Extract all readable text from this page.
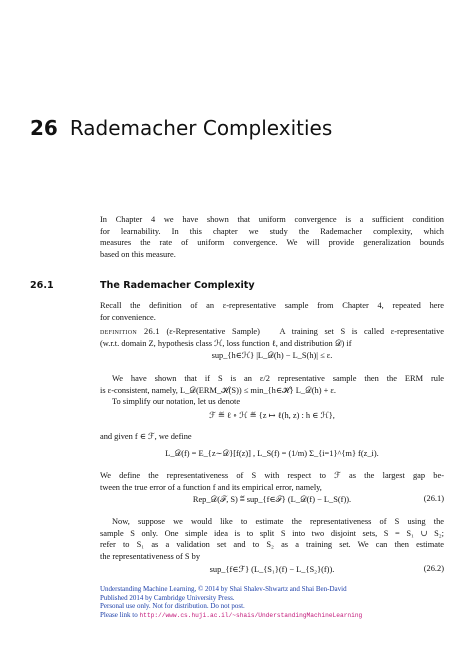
26 Rademacher Complexities
In Chapter 4 we have shown that uniform convergence is a sufficient condition
for learnability. In this chapter we study the Rademacher complexity, which
measures the rate of uniform convergence. We will provide generalization bounds
based on this measure.
26.1	The Rademacher Complexity
Recall the definition of an ε-representative sample from Chapter 4, repeated here
for convenience.
definition 26.1 (ε-Representative Sample) A training set S is called ε-representative
(w.r.t. domain Z, hypothesis class ℋ, loss function ℓ, and distribution 𝒟) if
sup_{h∈ℋ} |L_𝒟(h) − L_S(h)| ≤ ε.
We have shown that if S is an ε/2 representative sample then the ERM rule
is ε-consistent, namely, L_𝒟(ERM_ℋ(S)) ≤ min_{h∈ℋ} L_𝒟(h) + ε.
To simplify our notation, let us denote
ℱ ≝ ℓ ∘ ℋ ≝ {z ↦ ℓ(h, z) : h ∈ ℋ},
and given f ∈ ℱ, we define
L_𝒟(f) = E_{z∼𝒟}[f(z)] , L_S(f) = (1/m) Σ_{i=1}^{m} f(z_i).
We define the representativeness of S with respect to ℱ as the largest gap be-
tween the true error of a function f and its empirical error, namely,
Rep_𝒟(ℱ, S) ≝ sup_{f∈ℱ} (L_𝒟(f) − L_S(f)).	(26.1)
Now, suppose we would like to estimate the representativeness of S using the
sample S only. One simple idea is to split S into two disjoint sets, S = S₁ ∪ S₂;
refer to S₁ as a validation set and to S₂ as a training set. We can then estimate
the representativeness of S by
sup_{f∈ℱ} (L_{S₁}(f) − L_{S₂}(f)).	(26.2)
Understanding Machine Learning, © 2014 by Shai Shalev-Shwartz and Shai Ben-David
Published 2014 by Cambridge University Press.
Personal use only. Not for distribution. Do not post.
Please link to http://www.cs.huji.ac.il/~shais/UnderstandingMachineLearning
